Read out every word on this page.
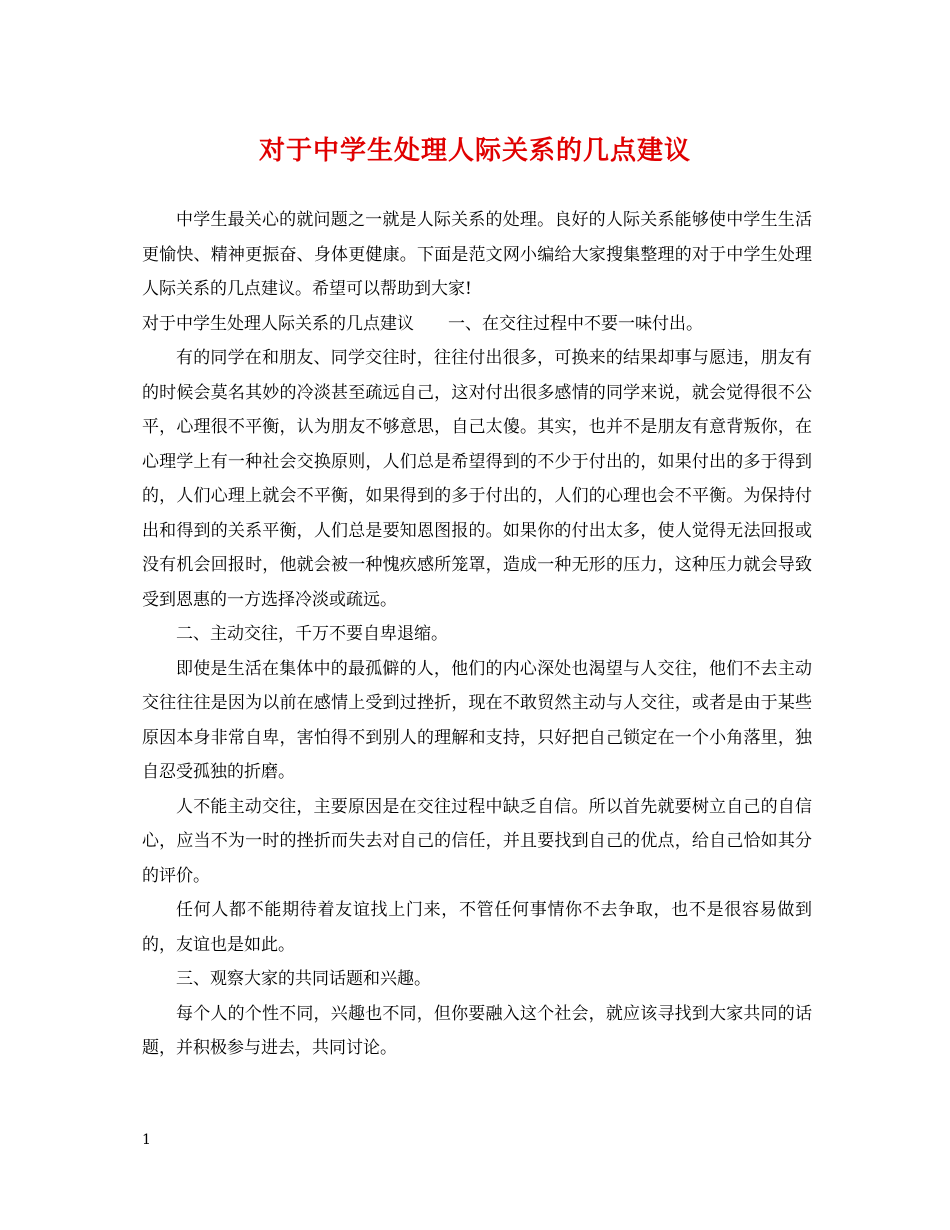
对于中学生处理人际关系的几点建议

中学生最关心的就问题之一就是人际关系的处理。良好的人际关系能够使中学生生活更愉快、精神更振奋、身体更健康。下面是范文网小编给大家搜集整理的对于中学生处理人际关系的几点建议。希望可以帮助到大家!

对于中学生处理人际关系的几点建议　　一、在交往过程中不要一味付出。

有的同学在和朋友、同学交往时，往往付出很多，可换来的结果却事与愿违，朋友有的时候会莫名其妙的冷淡甚至疏远自己，这对付出很多感情的同学来说，就会觉得很不公平，心理很不平衡，认为朋友不够意思，自己太傻。其实，也并不是朋友有意背叛你，在心理学上有一种社会交换原则，人们总是希望得到的不少于付出的，如果付出的多于得到的，人们心理上就会不平衡，如果得到的多于付出的，人们的心理也会不平衡。为保持付出和得到的关系平衡，人们总是要知恩图报的。如果你的付出太多，使人觉得无法回报或没有机会回报时，他就会被一种愧疚感所笼罩，造成一种无形的压力，这种压力就会导致受到恩惠的一方选择冷淡或疏远。

二、主动交往，千万不要自卑退缩。

即使是生活在集体中的最孤僻的人，他们的内心深处也渴望与人交往，他们不去主动交往往往是因为以前在感情上受到过挫折，现在不敢贸然主动与人交往，或者是由于某些原因本身非常自卑，害怕得不到别人的理解和支持，只好把自己锁定在一个小角落里，独自忍受孤独的折磨。

人不能主动交往，主要原因是在交往过程中缺乏自信。所以首先就要树立自己的自信心，应当不为一时的挫折而失去对自己的信任，并且要找到自己的优点，给自己恰如其分的评价。

任何人都不能期待着友谊找上门来，不管任何事情你不去争取，也不是很容易做到的，友谊也是如此。

三、观察大家的共同话题和兴趣。

每个人的个性不同，兴趣也不同，但你要融入这个社会，就应该寻找到大家共同的话题，并积极参与进去，共同讨论。

1
